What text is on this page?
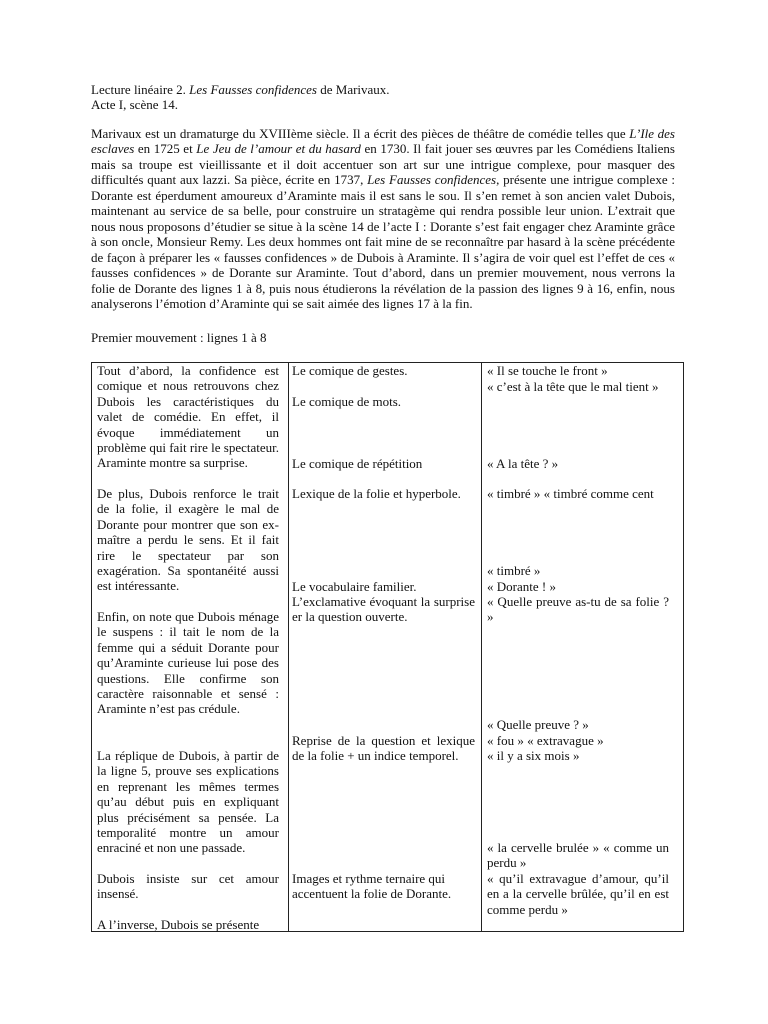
Lecture linéaire 2. Les Fausses confidences de Marivaux.
Acte I, scène 14.
Marivaux est un dramaturge du XVIIIème siècle. Il a écrit des pièces de théâtre de comédie telles que L’Ile des esclaves en 1725 et Le Jeu de l’amour et du hasard en 1730. Il fait jouer ses œuvres par les Comédiens Italiens mais sa troupe est vieillissante et il doit accentuer son art sur une intrigue complexe, pour masquer des difficultés quant aux lazzi. Sa pièce, écrite en 1737, Les Fausses confidences, présente une intrigue complexe : Dorante est éperdument amoureux d’Araminte mais il est sans le sou. Il s’en remet à son ancien valet Dubois, maintenant au service de sa belle, pour construire un stratagème qui rendra possible leur union. L’extrait que nous nous proposons d’étudier se situe à la scène 14 de l’acte I : Dorante s’est fait engager chez Araminte grâce à son oncle, Monsieur Remy. Les deux hommes ont fait mine de se reconnaître par hasard à la scène précédente de façon à préparer les « fausses confidences » de Dubois à Araminte. Il s’agira de voir quel est l’effet de ces « fausses confidences » de Dorante sur Araminte. Tout d’abord, dans un premier mouvement, nous verrons la folie de Dorante des lignes 1 à 8, puis nous étudierons la révélation de la passion des lignes 9 à 16, enfin, nous analyserons l’émotion d’Araminte qui se sait aimée des lignes 17 à la fin.
Premier mouvement : lignes 1 à 8
Tout d’abord, la confidence est comique et nous retrouvons chez Dubois les caractéristiques du valet de comédie. En effet, il évoque immédiatement un problème qui fait rire le spectateur. Araminte montre sa surprise.
De plus, Dubois renforce le trait de la folie, il exagère le mal de Dorante pour montrer que son ex-maître a perdu le sens. Et il fait rire le spectateur par son exagération. Sa spontanéité aussi est intéressante.
Enfin, on note que Dubois ménage le suspens : il tait le nom de la femme qui a séduit Dorante pour qu’Araminte curieuse lui pose des questions. Elle confirme son caractère raisonnable et sensé : Araminte n’est pas crédule.
La réplique de Dubois, à partir de la ligne 5, prouve ses explications en reprenant les mêmes termes qu’au début puis en expliquant plus précisément sa pensée. La temporalité montre un amour enraciné et non une passade.
Dubois insiste sur cet amour insensé.
A l’inverse, Dubois se présente
Le comique de gestes.
Le comique de mots.
Le comique de répétition
Lexique de la folie et hyperbole.
Le vocabulaire familier.
L’exclamative évoquant la surprise er la question ouverte.
Reprise de la question et lexique de la folie + un indice temporel.
Images et rythme ternaire qui accentuent la folie de Dorante.
« Il se touche le front »
« c’est à la tête que le mal tient »
« A la tête ? »
« timbré » « timbré comme cent
« timbré »
« Dorante ! »
« Quelle preuve as-tu de sa folie ? »
« Quelle preuve ? »
« fou » « extravague »
« il y a six mois »
« la cervelle brulée » « comme un perdu »
« qu’il extravague d’amour, qu’il en a la cervelle brûlée, qu’il en est comme perdu »
